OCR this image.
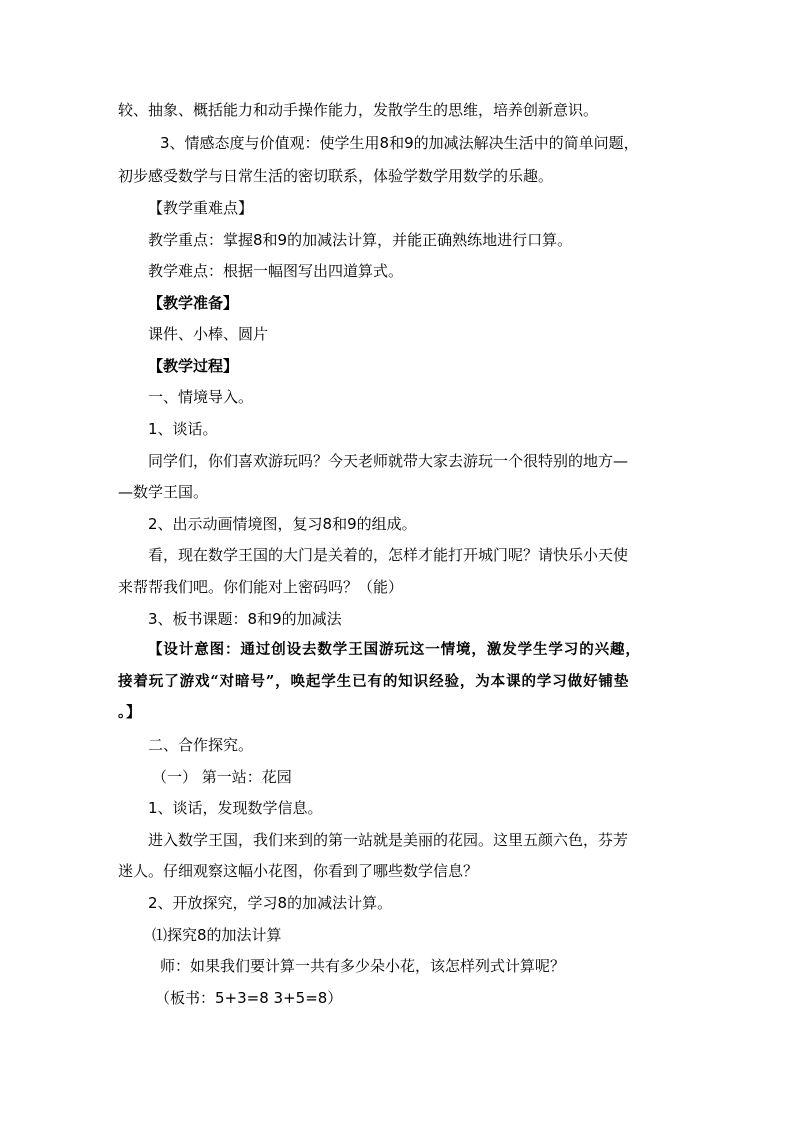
较、抽象、概括能力和动手操作能力，发散学生的思维，培养创新意识。
3、情感态度与价值观：使学生用8和9的加减法解决生活中的简单问题，
初步感受数学与日常生活的密切联系，体验学数学用数学的乐趣。
【教学重难点】
教学重点：掌握8和9的加减法计算，并能正确熟练地进行口算。
教学难点：根据一幅图写出四道算式。
【教学准备】
课件、小棒、圆片
【教学过程】
一、情境导入。
1、谈话。
同学们，你们喜欢游玩吗？今天老师就带大家去游玩一个很特别的地方—
—数学王国。
2、出示动画情境图，复习8和9的组成。
看，现在数学王国的大门是关着的，怎样才能打开城门呢？请快乐小天使
来帮帮我们吧。你们能对上密码吗？（能）
3、板书课题：8和9的加减法
【设计意图：通过创设去数学王国游玩这一情境，激发学生学习的兴趣，
接着玩了游戏“对暗号”，唤起学生已有的知识经验，为本课的学习做好铺垫
。】
二、合作探究。
（一） 第一站：花园
1、谈话，发现数学信息。
进入数学王国，我们来到的第一站就是美丽的花园。这里五颜六色，芬芳
迷人。仔细观察这幅小花图，你看到了哪些数学信息？
2、开放探究，学习8的加减法计算。
⑴探究8的加法计算
师：如果我们要计算一共有多少朵小花，该怎样列式计算呢？
（板书：5+3=8 3+5=8）
